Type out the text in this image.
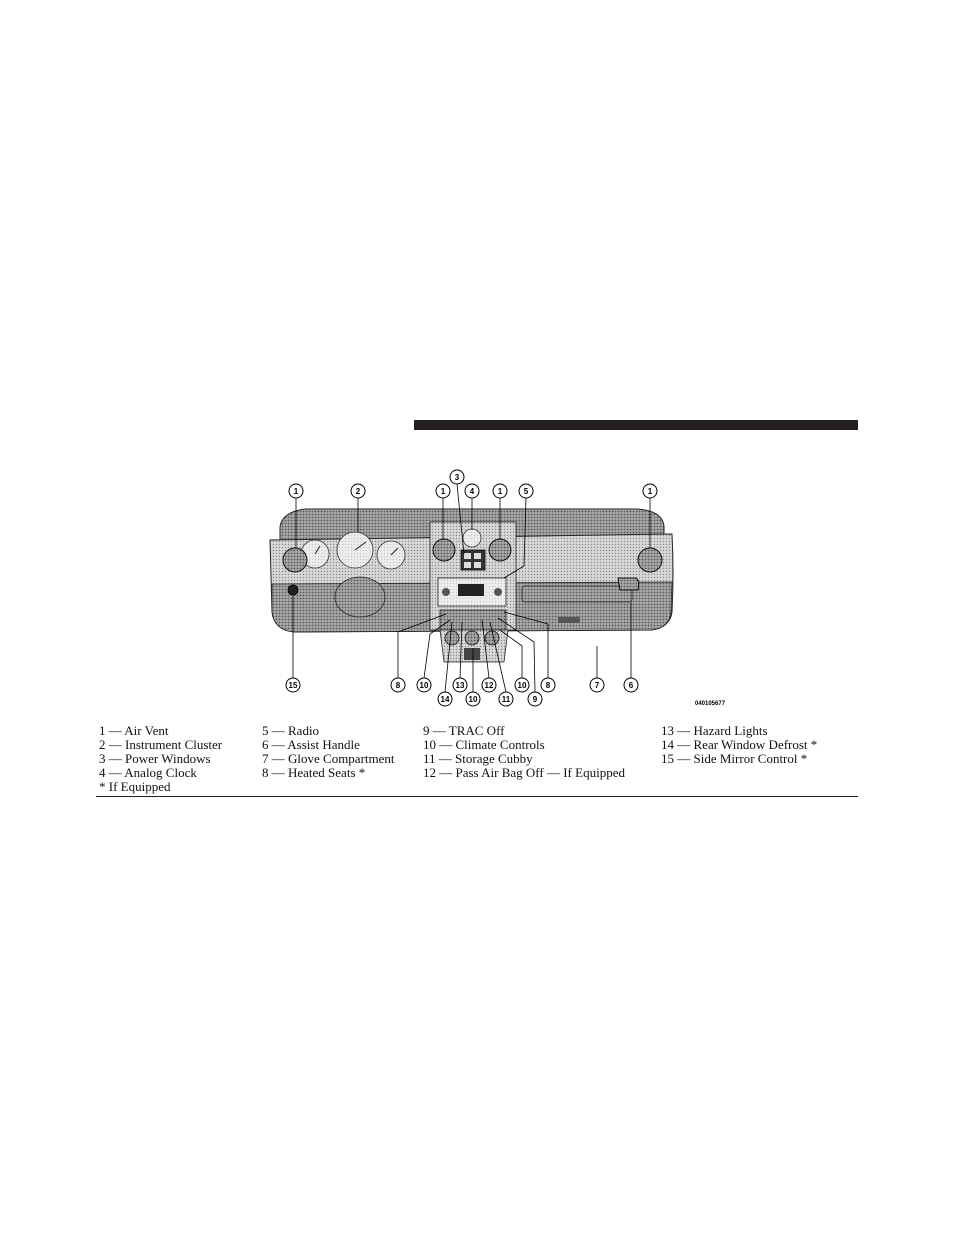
1	2
3
4
1	1	5	1
15	8 10
14
13
10
12
11
10
9
8	7	6
040105677
1 — Air Vent
2 — Instrument Cluster
3 — Power Windows
4 — Analog Clock
5 — Radio
6 — Assist Handle
7 — Glove Compartment
8 — Heated Seats *
9 — TRAC Off
10 — Climate Controls
11 — Storage Cubby
12 — Pass Air Bag Off — If Equipped
13 — Hazard Lights
14 — Rear Window Defrost *
15 — Side Mirror Control *
* If Equipped
